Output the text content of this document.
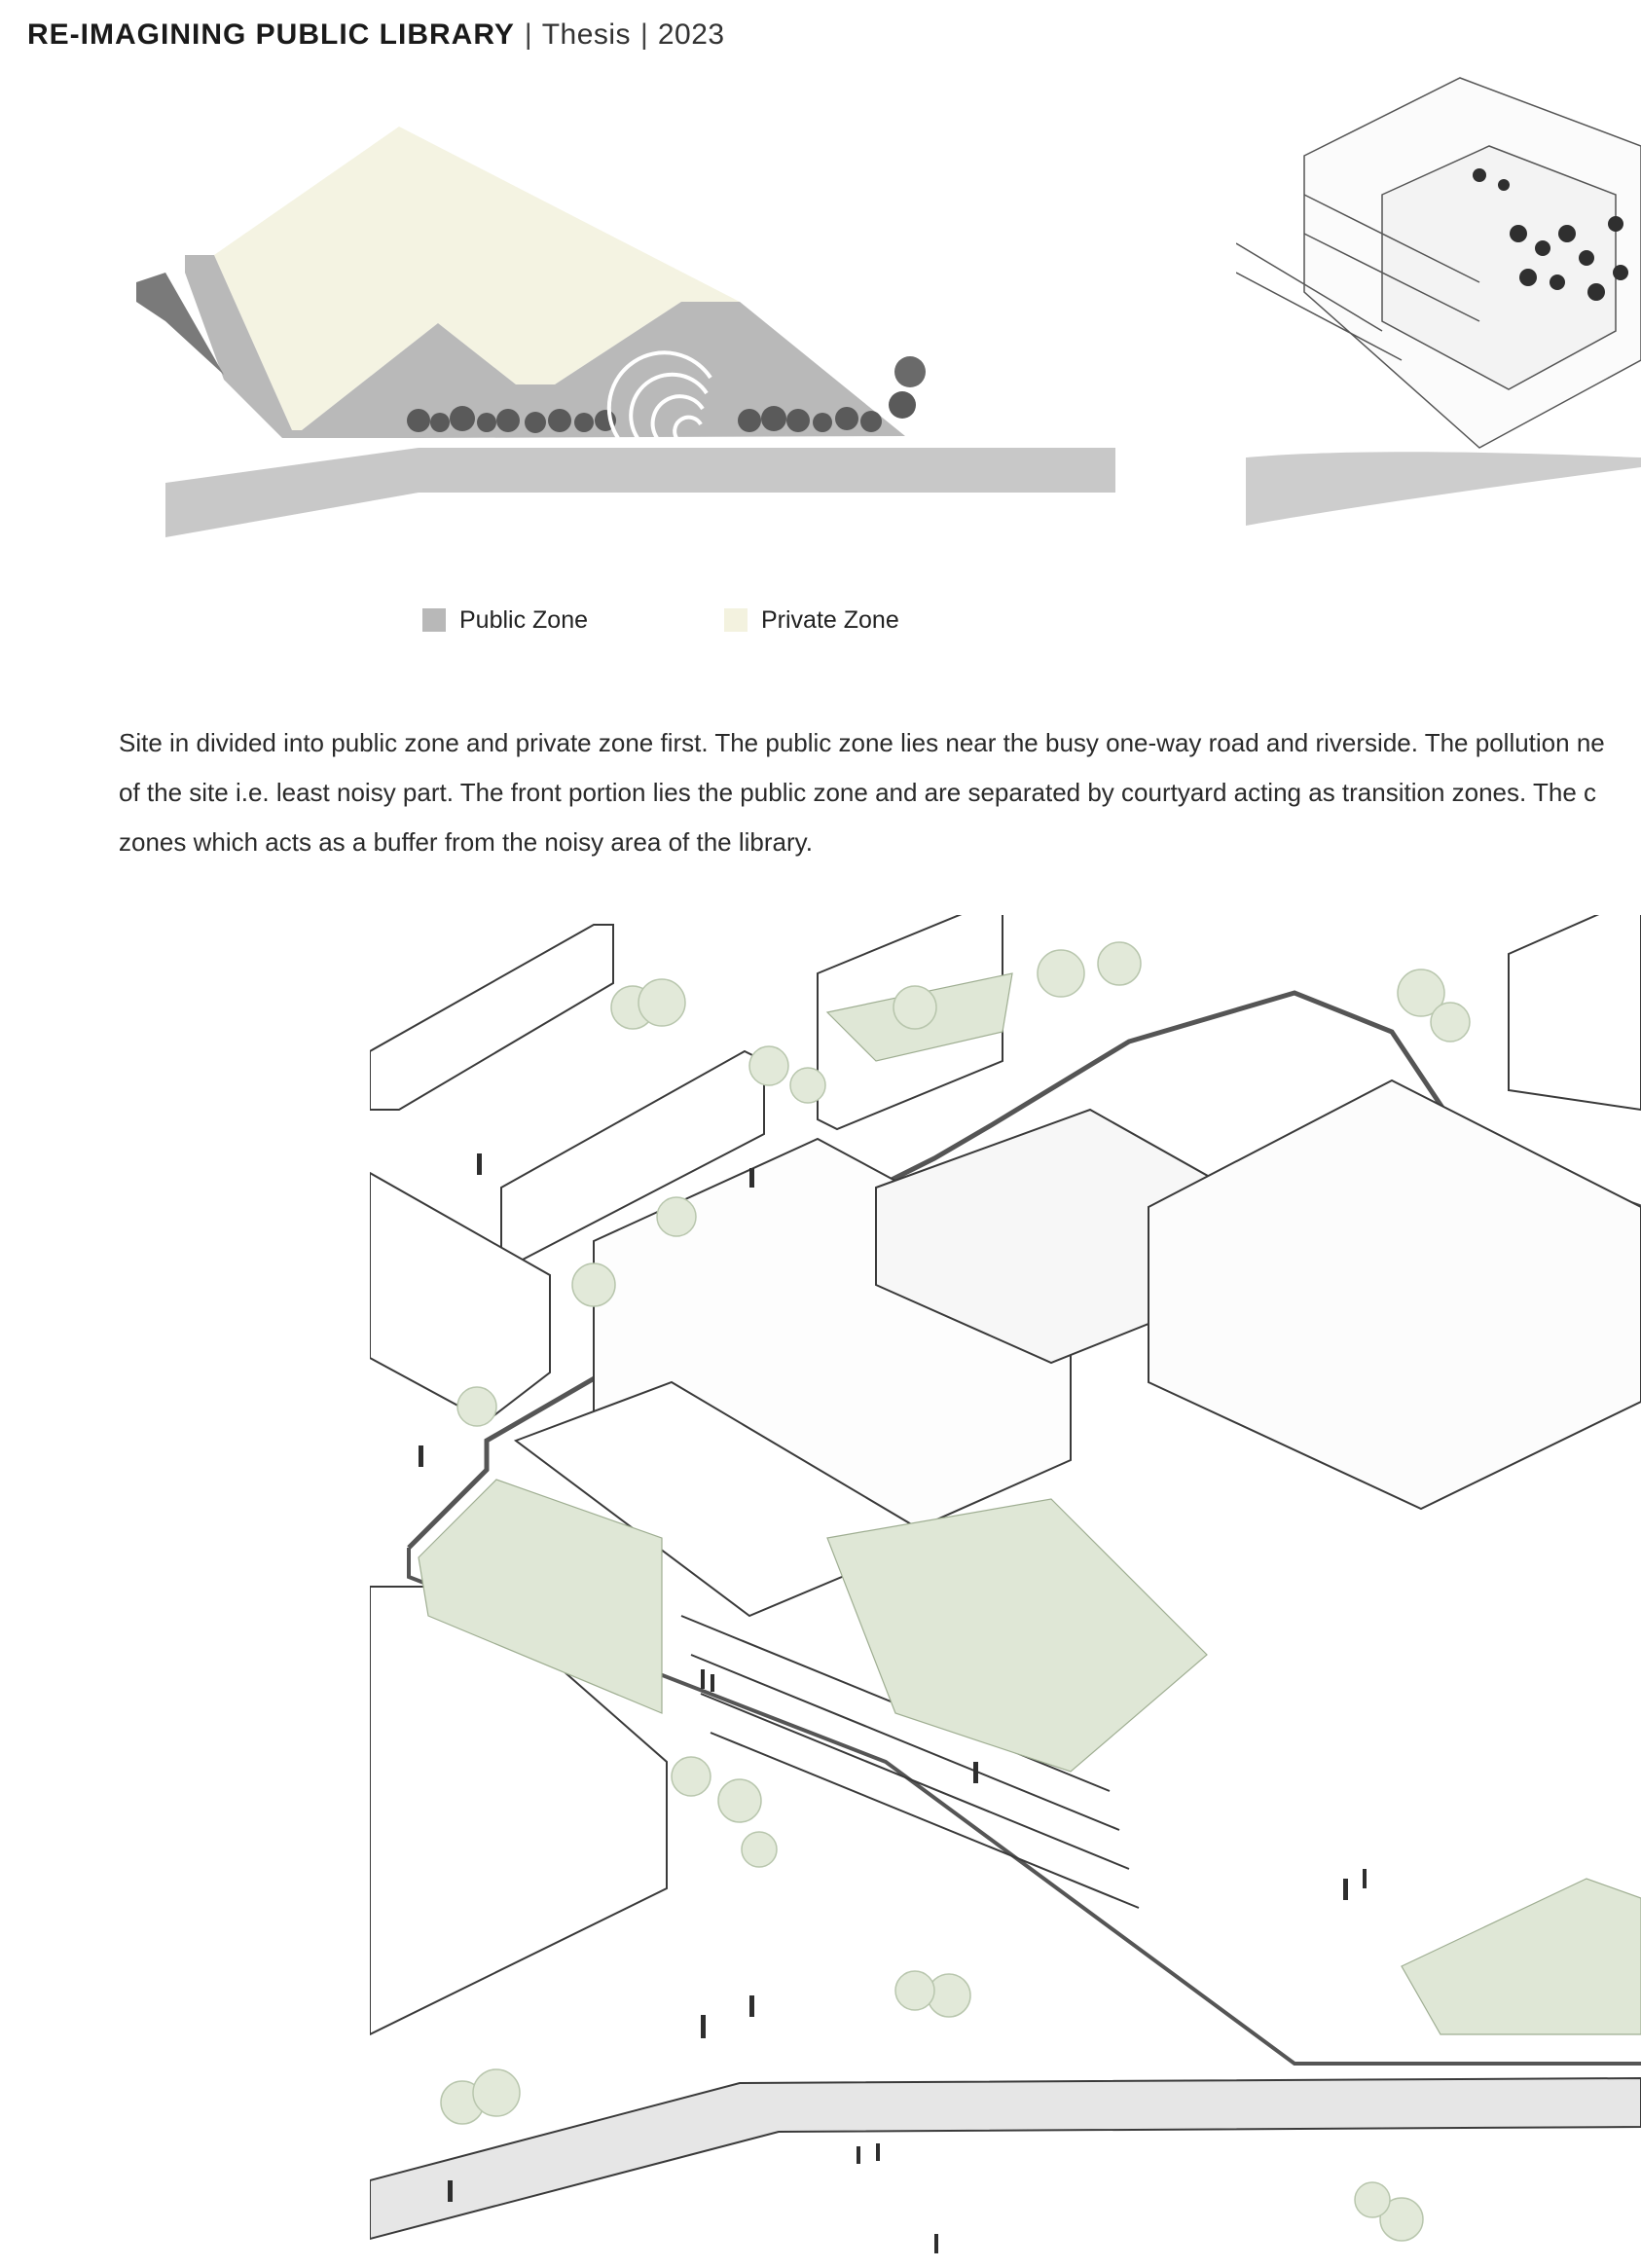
RE-IMAGINING PUBLIC LIBRARY | Thesis | 2023
Public Zone	Private Zone

Site in divided into public zone and private zone first. The public zone lies near the busy one-way road and riverside. The pollution ne

of the site i.e. least noisy part. The front portion lies the public zone and are separated by courtyard acting as transition zones. The c

zones which acts as a buffer from the noisy area of the library.
